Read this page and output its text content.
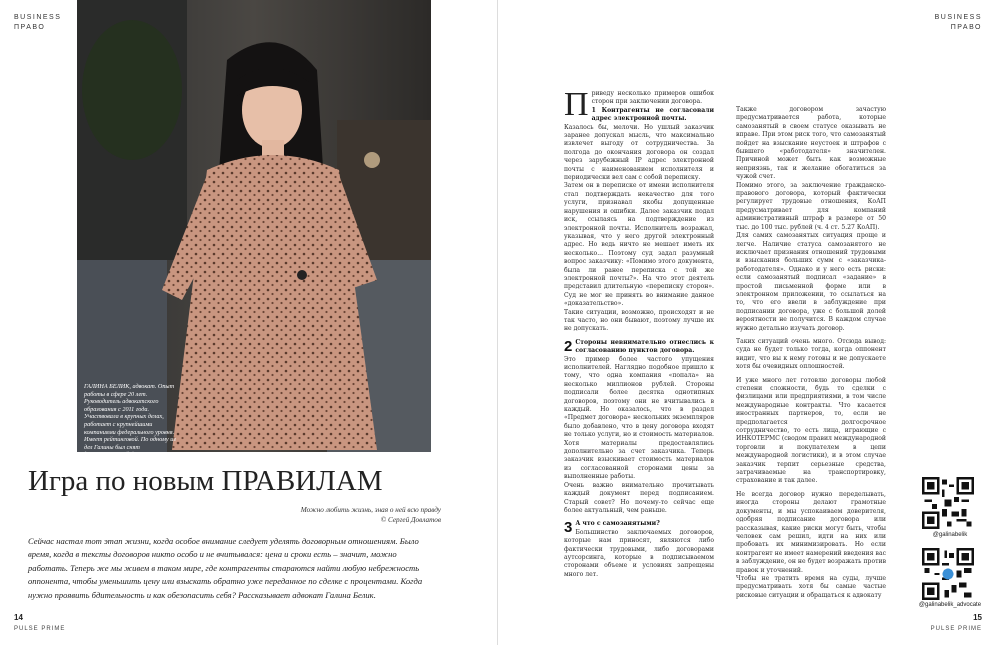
BUSINESS
ПРАВО
ГАЛИНА БЕЛИК, адвокат. Опыт работы в сфере 20 лет. Руководитель адвокатского образования с 2011 года. Участвовала в крупных делах, работает с крупнейшими компаниями федерального уровня. Имеет рейтинговой. По одному из дел Галины был снят документальный фильм
Игра по новым ПРАВИЛАМ
Можно любить жизнь, зная о ней всю правду
© Сергей Довлатов
Сейчас настал тот этап жизни, когда особое внимание следует уделять договорным отношениям. Было время, когда в тексты договоров никто особо и не вчитывался: цена и сроки есть – значит, можно работать. Теперь же мы живем в таком мире, где контрагенты стараются найти любую небрежность оппонента, чтобы уменьшить цену или взыскать обратно уже переданное по сделке с процентами. Когда нужно проявить бдительность и как обезопасить себя? Рассказывает адвокат Галина Белик.
14
PULSE PRIME
BUSINESS
ПРАВО

Приведу несколько примеров ошибок сторон при заключении договора.

1 Контрагенты не согласовали адрес электронной почты.

Казалось бы, мелочи. Но ушлый заказчик заранее допускал мысль, что максимально извлечет выгоду от сотрудничества. За полгода до окончания договора он создал через зарубежный IP адрес электронной почты с наименованием исполнителя и периодически вел сам с собой переписку.

Затем он в переписке от имени исполнителя стал подтверждать некачество для того услуги, признавал якобы допущенные нарушения и ошибки. Далее заказчик подал иск, ссылаясь на подтверждение из электронной почты. Исполнитель возражал, указывая, что у него другой электронный адрес. Но ведь ничто не мешает иметь их несколько... Поэтому суд задал разумный вопрос заказчику: «Помимо этого документа, была ли ранее переписка с той же электронной почты?». На что этот деятель представил длительную «переписку сторон». Суд не мог не принять во внимание данное «доказательство».

Такие ситуации, возможно, происходят и не так часто, но они бывают, поэтому лучше их не допускать.

2 Стороны невнимательно отнеслись к согласованию пунктов договора.

Это пример более частого упущения исполнителей. Наглядно подобное пришло к тому, что одна компания «попала» на несколько миллионов рублей. Стороны подписали более десятка однотипных договоров, поэтому они не вчитывались в каждый. Но оказалось, что в раздел «Предмет договора» нескольких экземпляров было добавлено, что в цену договора входят не только услуги, но и стоимость материалов. Хотя материалы предоставлялись дополнительно за счет заказчика. Теперь заказчик взыскивает стоимость материалов из согласованной сторонами цены за выполненные работы.

Очень важно внимательно прочитывать каждый документ перед подписанием. Старый совет? Но почему-то сейчас еще более актуальный, чем раньше.

3 А что с самозанятыми?

Большинство заключаемых договоров, которые нам приносят, являются либо фактически трудовыми, либо договорами аутсорсинга, которые в подписываемом сторонами объеме и условиях запрещены много лет.

Также договором зачастую предусматривается работа, которые самозанятый в своем статусе оказывать не вправе. При этом риск того, что самозанятый пойдет на взыскание неустоек и штрафов с бывшего «работодателя» значителен. Причиной может быть как возможные неприязнь, так и желание обогатиться за чужой счет.

Помимо этого, за заключение гражданско-правового договора, который фактически регулирует трудовые отношения, КоАП предусматривает для компаний административный штраф в размере от 50 тыс. до 100 тыс. рублей (ч. 4 ст. 5.27 КоАП).

Для самих самозанятых ситуация проще и легче. Наличие статуса самозанятого не исключает признания отношений трудовыми и взыскания больших сумм с «заказчика-работодателя». Однако и у него есть риски: если самозанятый подписал «задание» в простой письменной форме или в электронном приложении, то ссылаться на то, что его ввели в заблуждение при подписании договора, уже с большой долей вероятности не получится. В каждом случае нужно детально изучать договор.

Таких ситуаций очень много. Отсюда вывод: суда не будет только тогда, когда оппонент видит, что вы к нему готовы и не допускаете хотя бы очевидных оплошностей.

И уже много лет готовлю договоры любой степени сложности, будь то сделки с физлицами или предприятиями, в том числе международные контракты. Что касается иностранных партнеров, то, если не предполагается долгосрочное сотрудничество, то есть лица, играющие с ИНКОТЕРМС (сводом правил международной торговли и покупателем в цепи международной логистики), и в этом случае заказчик терпит серьезные средства, затрачиваемые на транспортировку, страхование и так далее.

Не всегда договор нужно переделывать, иногда стороны делают грамотные документы, и мы успокаиваем доверителя, одобряя подписание договора или рассказывая, какие риски могут быть, чтобы человек сам решил, идти на них или пробовать их минимизировать. Но если контрагент не имеет намерений введения вас в заблуждение, он не будет возражать против правок и уточнений.

Чтобы не тратить время на суды, лучше предусматривать хотя бы самые частые рисковые ситуации и обращаться к адвокату

@galinabelik
@galinabelik_advocate
15
PULSE PRIME
